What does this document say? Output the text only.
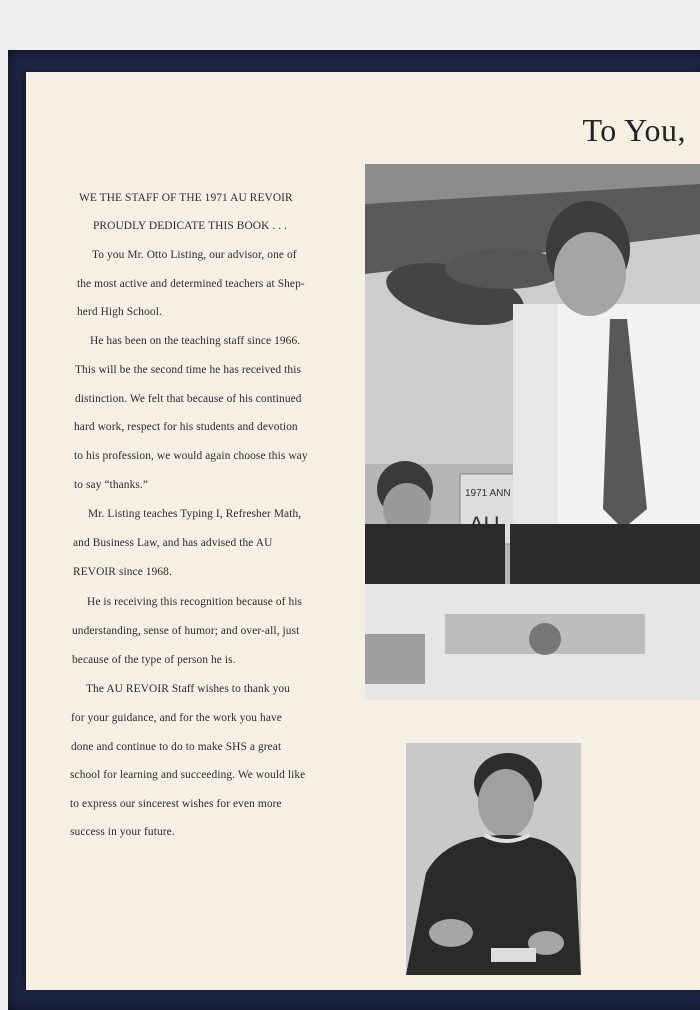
To You,
WE THE STAFF OF THE 1971 AU REVOIR
PROUDLY DEDICATE THIS BOOK . . .
To you Mr. Otto Listing, our advisor, one of
the most active and determined teachers at Shep-
herd High School.
He has been on the teaching staff since 1966.
This will be the second time he has received this
distinction. We felt that because of his continued
hard work, respect for his students and devotion
to his profession, we would again choose this way
to say “thanks.”
Mr. Listing teaches Typing I, Refresher Math,
and Business Law, and has advised the AU
REVOIR since 1968.
He is receiving this recognition because of his
understanding, sense of humor; and over-all, just
because of the type of person he is.
The AU REVOIR Staff wishes to thank you
for your guidance, and for the work you have
done and continue to do to make SHS a great
school for learning and succeeding. We would like
to express our sincerest wishes for even more
success in your future.
1971 ANN
